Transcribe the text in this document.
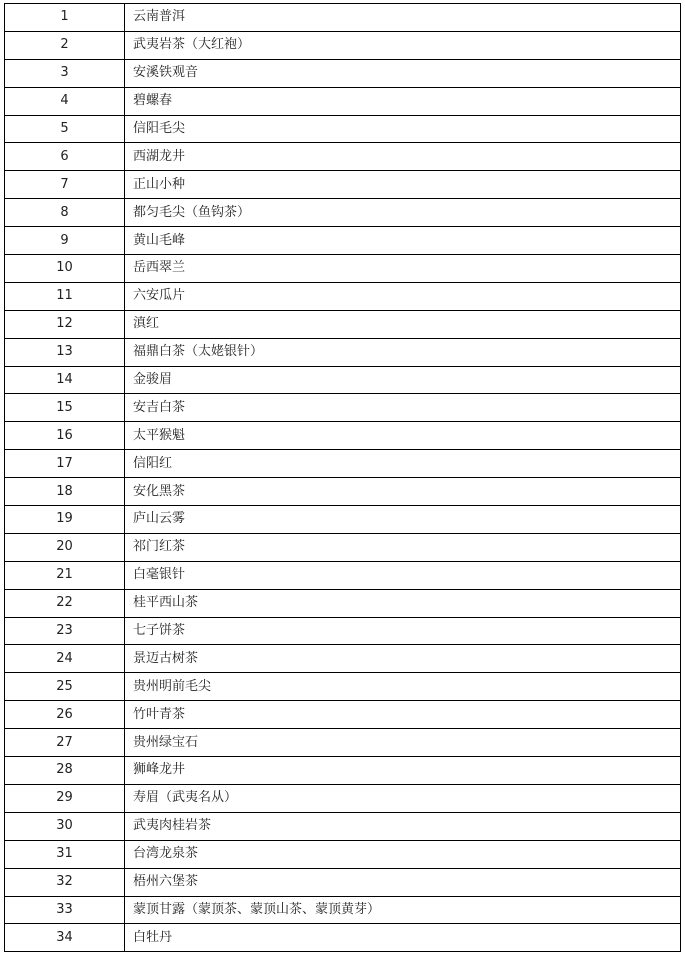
1	云南普洱
2	武夷岩茶（大红袍）
3	安溪铁观音
4	碧螺春
5	信阳毛尖
6	西湖龙井
7	正山小种
8	都匀毛尖（鱼钩茶）
9	黄山毛峰
10	岳西翠兰
11	六安瓜片
12	滇红
13	福鼎白茶（太姥银针）
14	金骏眉
15	安吉白茶
16	太平猴魁
17	信阳红
18	安化黑茶
19	庐山云雾
20	祁门红茶
21	白毫银针
22	桂平西山茶
23	七子饼茶
24	景迈古树茶
25	贵州明前毛尖
26	竹叶青茶
27	贵州绿宝石
28	狮峰龙井
29	寿眉（武夷名从）
30	武夷肉桂岩茶
31	台湾龙泉茶
32	梧州六堡茶
33	蒙顶甘露（蒙顶茶、蒙顶山茶、蒙顶黄芽）
34	白牡丹
